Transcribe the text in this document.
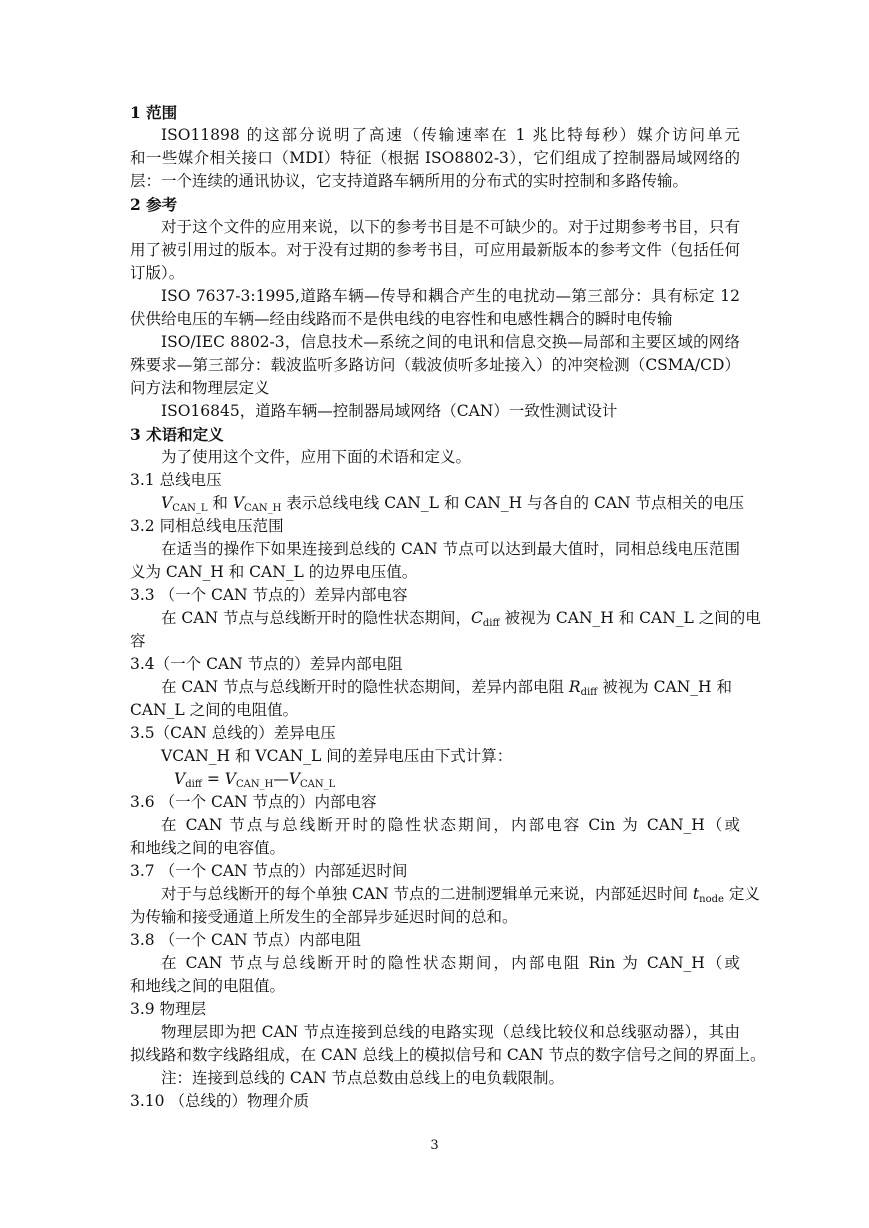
1 范围
ISO11898 的这部分说明了高速（传输速率在 1 兆比特每秒）媒介访问单元
和一些媒介相关接口（MDI）特征（根据 ISO8802-3），它们组成了控制器局域网络的
层：一个连续的通讯协议，它支持道路车辆所用的分布式的实时控制和多路传输。
2 参考
对于这个文件的应用来说，以下的参考书目是不可缺少的。对于过期参考书目，只有
用了被引用过的版本。对于没有过期的参考书目，可应用最新版本的参考文件（包括任何
订版）。
ISO 7637-3:1995,道路车辆—传导和耦合产生的电扰动—第三部分：具有标定 12
伏供给电压的车辆—经由线路而不是供电线的电容性和电感性耦合的瞬时电传输
ISO/IEC 8802-3，信息技术—系统之间的电讯和信息交换—局部和主要区域的网络
殊要求—第三部分：载波监听多路访问（载波侦听多址接入）的冲突检测（CSMA/CD）
问方法和物理层定义
ISO16845，道路车辆—控制器局域网络（CAN）一致性测试设计
3 术语和定义
为了使用这个文件，应用下面的术语和定义。
3.1 总线电压
$V_{CAN\_L}$ 和 $V_{CAN\_H}$ 表示总线电线 CAN_L 和 CAN_H 与各自的 CAN 节点相关的电压
3.2 同相总线电压范围
在适当的操作下如果连接到总线的 CAN 节点可以达到最大值时，同相总线电压范围
义为 CAN_H 和 CAN_L 的边界电压值。
3.3 （一个 CAN 节点的）差异内部电容
在 CAN 节点与总线断开时的隐性状态期间，$C_{diff}$ 被视为 CAN_H 和 CAN_L 之间的电
容
3.4（一个 CAN 节点的）差异内部电阻
在 CAN 节点与总线断开时的隐性状态期间，差异内部电阻 $R_{diff}$ 被视为 CAN_H 和
CAN_L 之间的电阻值。
3.5（CAN 总线的）差异电压
VCAN_H 和 VCAN_L 间的差异电压由下式计算：
$V_{diff}$ = $V_{CAN\_H}—V_{CAN\_L}$
3.6 （一个 CAN 节点的）内部电容
在 CAN 节点与总线断开时的隐性状态期间，内部电容 Cin 为 CAN_H（或
和地线之间的电容值。
3.7 （一个 CAN 节点的）内部延迟时间
对于与总线断开的每个单独 CAN 节点的二进制逻辑单元来说，内部延迟时间 $t_{node}$ 定义
为传输和接受通道上所发生的全部异步延迟时间的总和。
3.8 （一个 CAN 节点）内部电阻
在 CAN 节点与总线断开时的隐性状态期间，内部电阻 Rin 为 CAN_H（或
和地线之间的电阻值。
3.9 物理层
物理层即为把 CAN 节点连接到总线的电路实现（总线比较仪和总线驱动器），其由
拟线路和数字线路组成，在 CAN 总线上的模拟信号和 CAN 节点的数字信号之间的界面上。
注：连接到总线的 CAN 节点总数由总线上的电负载限制。
3.10 （总线的）物理介质
3
